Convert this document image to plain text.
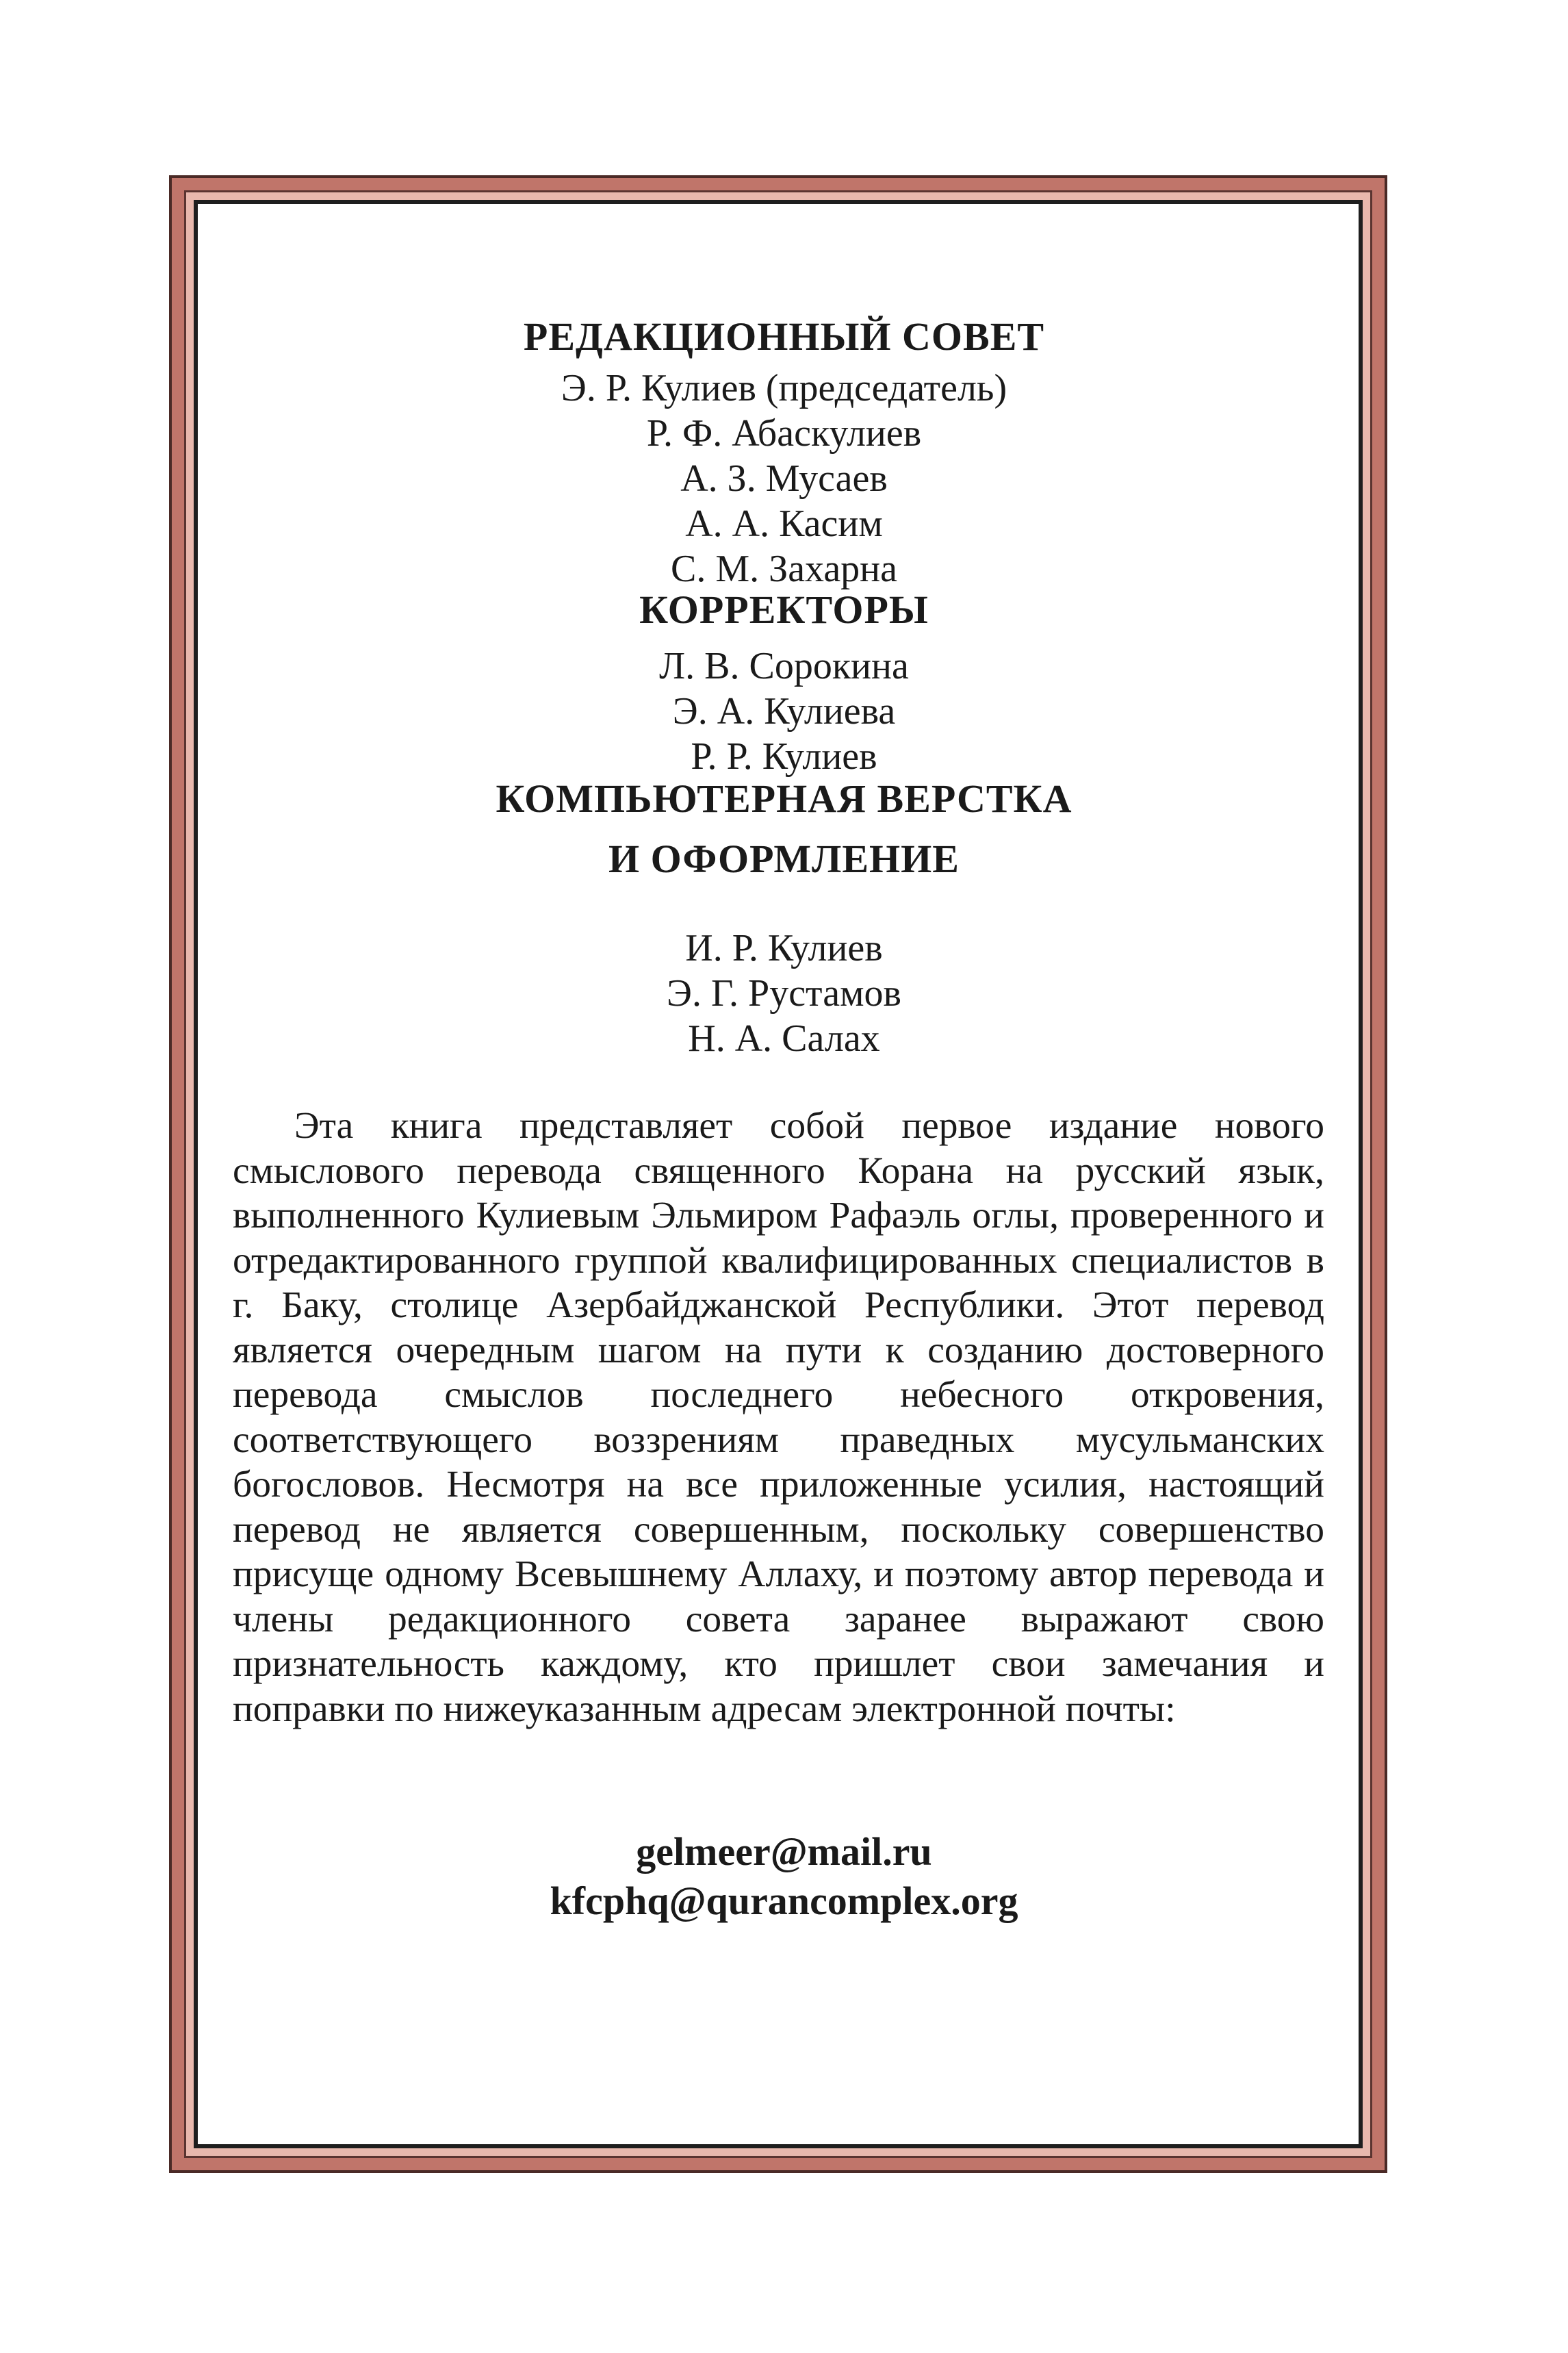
РЕДАКЦИОННЫЙ СОВЕТ
Э. Р. Кулиев (председатель)
Р. Ф. Абаскулиев
А. З. Мусаев
А. А. Касим
С. М. Захарна
КОРРЕКТОРЫ
Л. В. Сорокина
Э. А. Кулиева
Р. Р. Кулиев
КОМПЬЮТЕРНАЯ ВЕРСТКА
И ОФОРМЛЕНИЕ
И. Р. Кулиев
Э. Г. Рустамов
Н. А. Салах
Эта книга представляет собой первое издание нового смыслового перевода священного Корана на русский язык, выполненного Кулиевым Эльмиром Рафаэль оглы, проверенного и отредактированного группой квалифицированных специалистов в г. Баку, столице Азербайджанской Республики. Этот перевод является очередным шагом на пути к созданию достоверного перевода смыслов последнего небесного откровения, соответствующего воззрениям праведных мусульманских богословов. Несмотря на все приложенные усилия, настоящий перевод не является совершенным, поскольку совершенство присуще одному Всевышнему Аллаху, и поэтому автор перевода и члены редакционного совета заранее выражают свою признательность каждому, кто пришлет свои замечания и поправки по нижеуказанным адресам электронной почты:
gelmeer@mail.ru
kfcphq@qurancomplex.org
